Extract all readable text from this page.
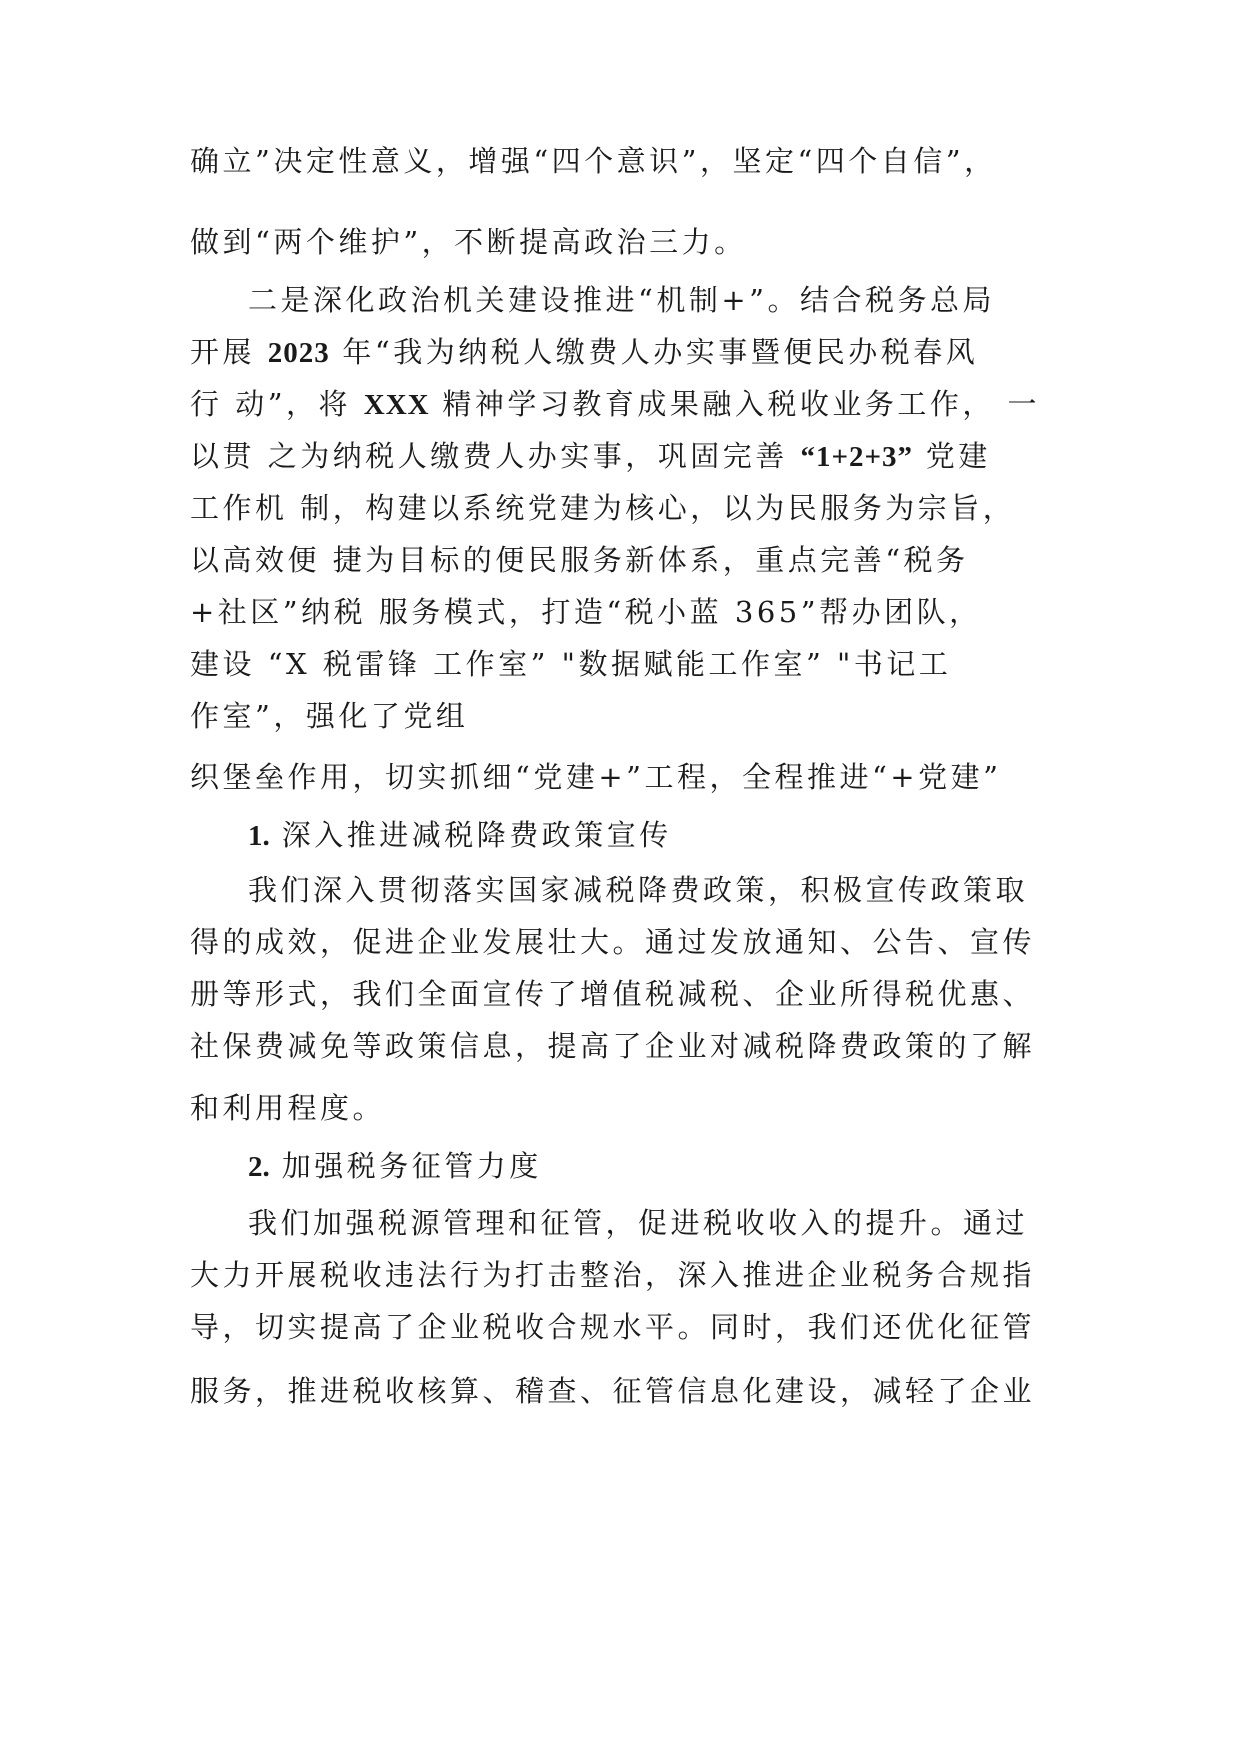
确立”决定性意义，增强“四个意识”，坚定“四个自信”，
做到“两个维护”，不断提高政治三力。
二是深化政治机关建设推进“机制+”。结合税务总局
开展 2023 年“我为纳税人缴费人办实事暨便民办税春风
行 动”，将 XXX 精神学习教育成果融入税收业务工作， 一
以贯 之为纳税人缴费人办实事，巩固完善 “1+2+3” 党建
工作机 制，构建以系统党建为核心，以为民服务为宗旨，
以高效便 捷为目标的便民服务新体系，重点完善“税务
+社区”纳税 服务模式，打造“税小蓝 365”帮办团队，
建设 “X 税雷锋 工作室” "数据赋能工作室” "书记工
作室”，强化了党组
织堡垒作用，切实抓细“党建+”工程，全程推进“+党建”
1. 深入推进减税降费政策宣传
我们深入贯彻落实国家减税降费政策，积极宣传政策取
得的成效，促进企业发展壮大。通过发放通知、公告、宣传
册等形式，我们全面宣传了增值税减税、企业所得税优惠、
社保费减免等政策信息，提高了企业对减税降费政策的了解
和利用程度。
2. 加强税务征管力度
我们加强税源管理和征管，促进税收收入的提升。通过
大力开展税收违法行为打击整治，深入推进企业税务合规指
导，切实提高了企业税收合规水平。同时，我们还优化征管
服务，推进税收核算、稽查、征管信息化建设，减轻了企业
